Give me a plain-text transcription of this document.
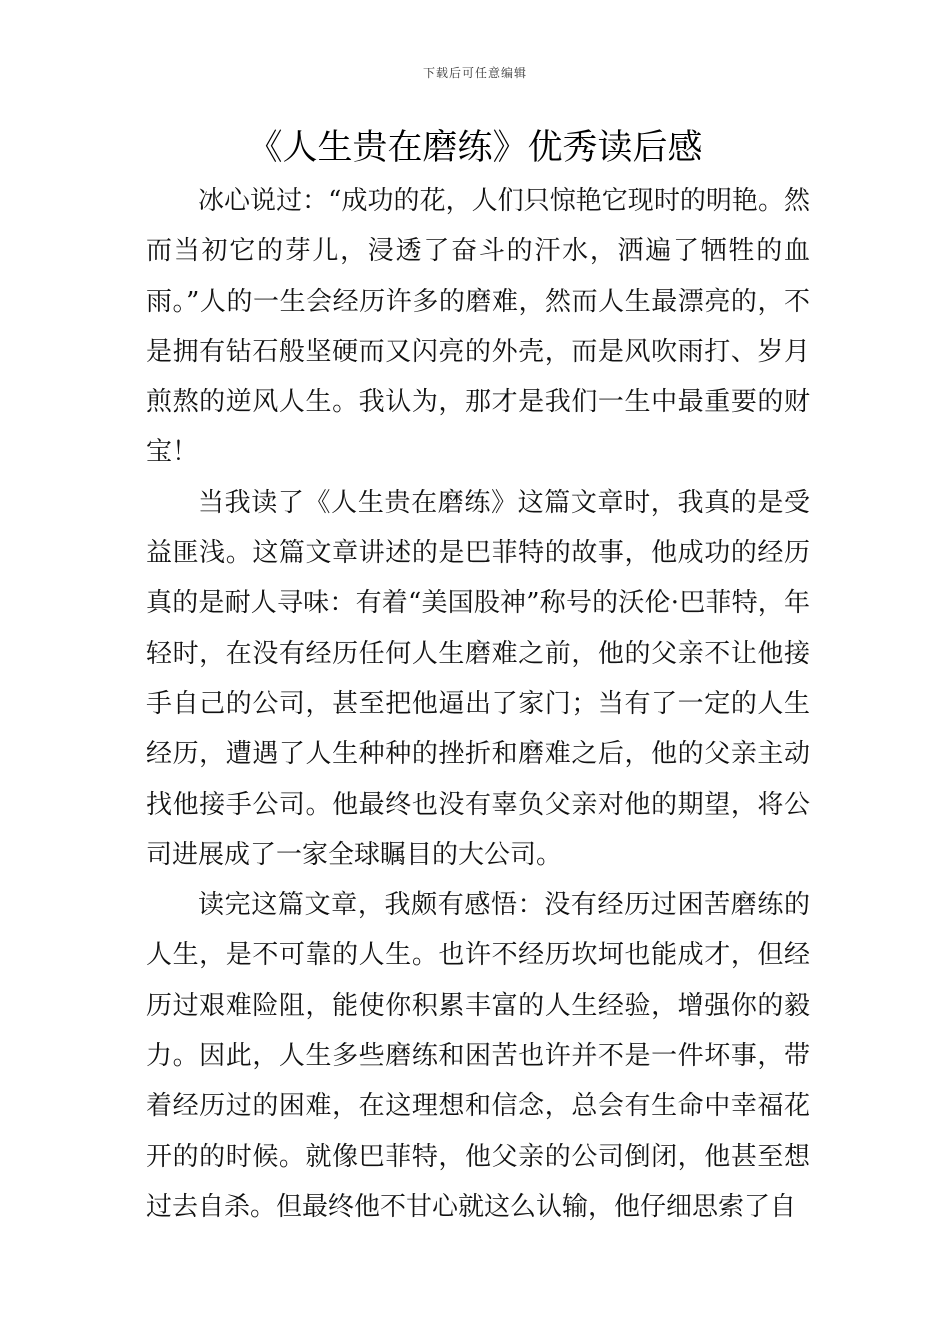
下载后可任意编辑
《人生贵在磨练》优秀读后感

冰心说过：“成功的花，人们只惊艳它现时的明艳。然而当初它的芽儿，浸透了奋斗的汗水，洒遍了牺牲的血雨。”人的一生会经历许多的磨难，然而人生最漂亮的，不是拥有钻石般坚硬而又闪亮的外壳，而是风吹雨打、岁月煎熬的逆风人生。我认为，那才是我们一生中最重要的财宝！

当我读了《人生贵在磨练》这篇文章时，我真的是受益匪浅。这篇文章讲述的是巴菲特的故事，他成功的经历真的是耐人寻味：有着“美国股神”称号的沃伦·巴菲特，年轻时，在没有经历任何人生磨难之前，他的父亲不让他接手自己的公司，甚至把他逼出了家门；当有了一定的人生经历，遭遇了人生种种的挫折和磨难之后，他的父亲主动找他接手公司。他最终也没有辜负父亲对他的期望，将公司进展成了一家全球瞩目的大公司。

读完这篇文章，我颇有感悟：没有经历过困苦磨练的人生，是不可靠的人生。也许不经历坎坷也能成才，但经历过艰难险阻，能使你积累丰富的人生经验，增强你的毅力。因此，人生多些磨练和困苦也许并不是一件坏事，带着经历过的困难，在这理想和信念，总会有生命中幸福花开的的时候。就像巴菲特，他父亲的公司倒闭，他甚至想过去自杀。但最终他不甘心就这么认输，他仔细思索了自
